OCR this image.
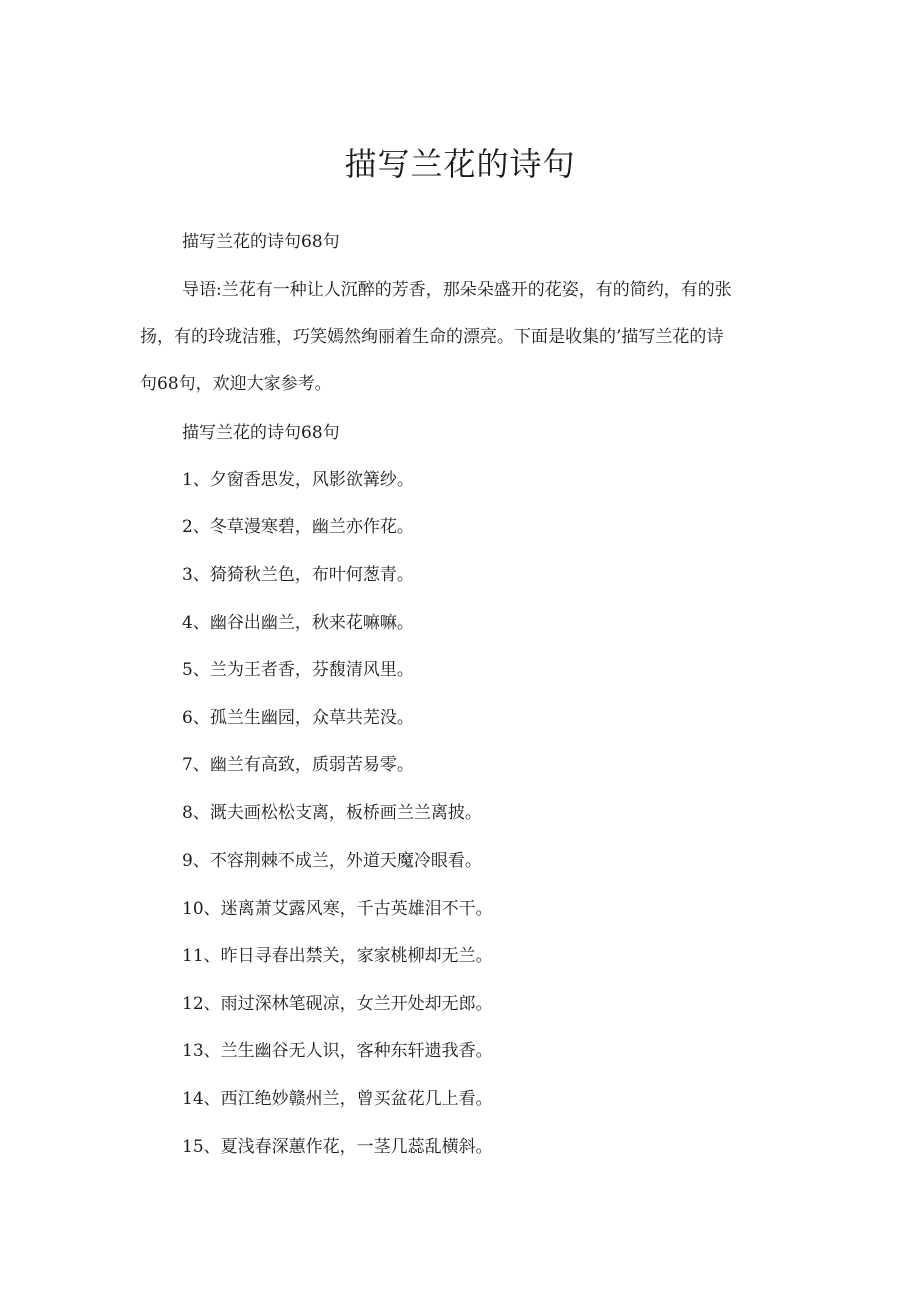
描写兰花的诗句

描写兰花的诗句68句

导语:兰花有一种让人沉醉的芳香，那朵朵盛开的花姿，有的简约，有的张

扬，有的玲珑洁雅，巧笑嫣然绚丽着生命的漂亮。下面是收集的’描写兰花的诗

句68句，欢迎大家参考。

描写兰花的诗句68句

1、夕窗香思发，风影欲篝纱。

2、冬草漫寒碧，幽兰亦作花。

3、猗猗秋兰色，布叶何葱青。

4、幽谷出幽兰，秋来花嘛嘛。

5、兰为王者香，芬馥清风里。

6、孤兰生幽园，众草共芜没。

7、幽兰有高致，质弱苦易零。

8、溉夫画松松支离，板桥画兰兰离披。

9、不容荆棘不成兰，外道天魔冷眼看。

10、迷离萧艾露风寒，千古英雄泪不干。

11、昨日寻春出禁关，家家桃柳却无兰。

12、雨过深林笔砚凉，女兰开处却无郎。

13、兰生幽谷无人识，客种东轩遗我香。

14、西江绝妙赣州兰，曾买盆花几上看。

15、夏浅春深蕙作花，一茎几蕊乱横斜。
